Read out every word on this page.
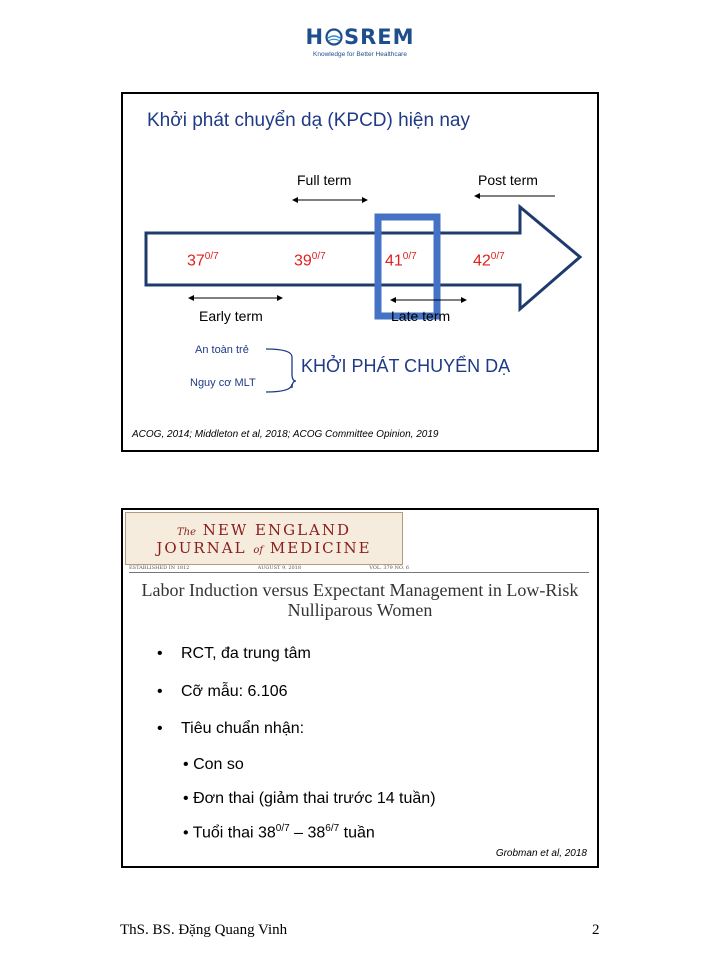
H SREM
Knowledge for Better Healthcare
Khởi phát chuyển dạ (KPCD) hiện nay
Full term	Post term
$37^{0/7}$	$39^{0/7}$	$41^{0/7}$	$42^{0/7}$
Early term	Late term
An toàn trẻ
Nguy cơ MLT
KHỞI PHÁT CHUYỂN DẠ
ACOG, 2014; Middleton et al, 2018; ACOG Committee Opinion, 2019
The NEW ENGLAND
JOURNAL of MEDICINE
ESTABLISHED IN 1812	AUGUST 9, 2018	VOL. 379 NO. 6
Labor Induction versus Expectant Management in Low-Risk Nulliparous Women
• RCT, đa trung tâm
• Cỡ mẫu: 6.106
• Tiêu chuẩn nhận:
• Con so
• Đơn thai (giảm thai trước 14 tuần)
• Tuổi thai $38^{0/7} - 38^{6/7}$ tuần
Grobman et al, 2018
ThS. BS. Đặng Quang Vinh	2
